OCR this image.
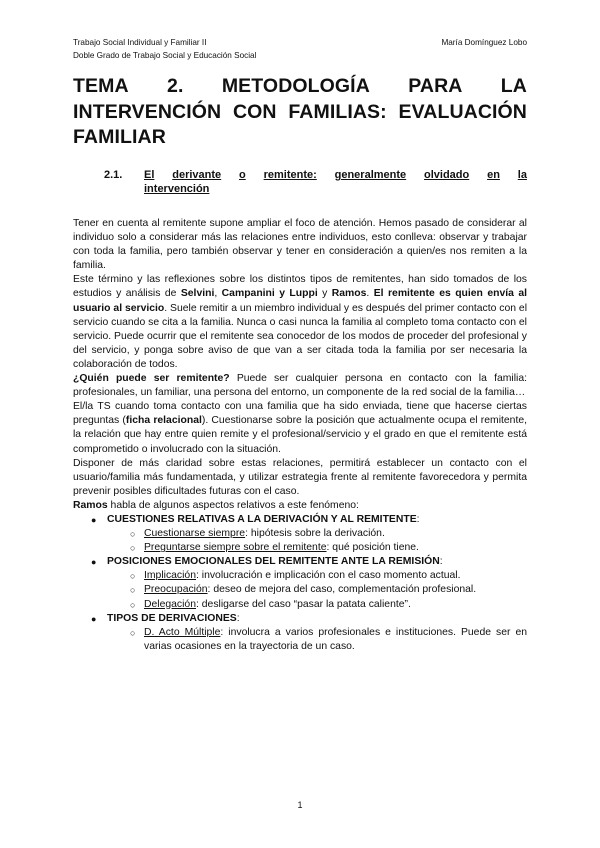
Trabajo Social Individual y Familiar II	María Domínguez Lobo
Doble Grado de Trabajo Social y Educación Social
TEMA 2. METODOLOGÍA PARA LA
INTERVENCIÓN CON FAMILIAS: EVALUACIÓN FAMILIAR
2.1. El derivante o remitente: generalmente olvidado en la
intervención

Tener en cuenta al remitente supone ampliar el foco de atención. Hemos pasado de considerar al individuo solo a considerar más las relaciones entre individuos, esto conlleva: observar y trabajar con toda la familia, pero también observar y tener en consideración a quien/es nos remiten a la familia.

Este término y las reflexiones sobre los distintos tipos de remitentes, han sido tomados de los estudios y análisis de Selvini, Campanini y Luppi y Ramos. El remitente es quien envía al usuario al servicio. Suele remitir a un miembro individual y es después del primer contacto con el servicio cuando se cita a la familia. Nunca o casi nunca la familia al completo toma contacto con el servicio. Puede ocurrir que el remitente sea conocedor de los modos de proceder del profesional y del servicio, y ponga sobre aviso de que van a ser citada toda la familia por ser necesaria la colaboración de todos.

¿Quién puede ser remitente? Puede ser cualquier persona en contacto con la familia: profesionales, un familiar, una persona del entorno, un componente de la red social de la familia…

El/la TS cuando toma contacto con una familia que ha sido enviada, tiene que hacerse ciertas preguntas (ficha relacional). Cuestionarse sobre la posición que actualmente ocupa el remitente, la relación que hay entre quien remite y el profesional/servicio y el grado en que el remitente está comprometido o involucrado con la situación.

Disponer de más claridad sobre estas relaciones, permitirá establecer un contacto con el usuario/familia más fundamentada, y utilizar estrategia frente al remitente favorecedora y permita prevenir posibles dificultades futuras con el caso.

Ramos habla de algunos aspectos relativos a este fenómeno:

● CUESTIONES RELATIVAS A LA DERIVACIÓN Y AL REMITENTE:
○ Cuestionarse siempre: hipótesis sobre la derivación.
○ Preguntarse siempre sobre el remitente: qué posición tiene.
● POSICIONES EMOCIONALES DEL REMITENTE ANTE LA REMISIÓN:
○ Implicación: involucración e implicación con el caso momento actual.
○ Preocupación: deseo de mejora del caso, complementación profesional.
○ Delegación: desligarse del caso “pasar la patata caliente”.
● TIPOS DE DERIVACIONES:
○ D. Acto Múltiple: involucra a varios profesionales e instituciones. Puede ser en varias ocasiones en la trayectoria de un caso.
1
